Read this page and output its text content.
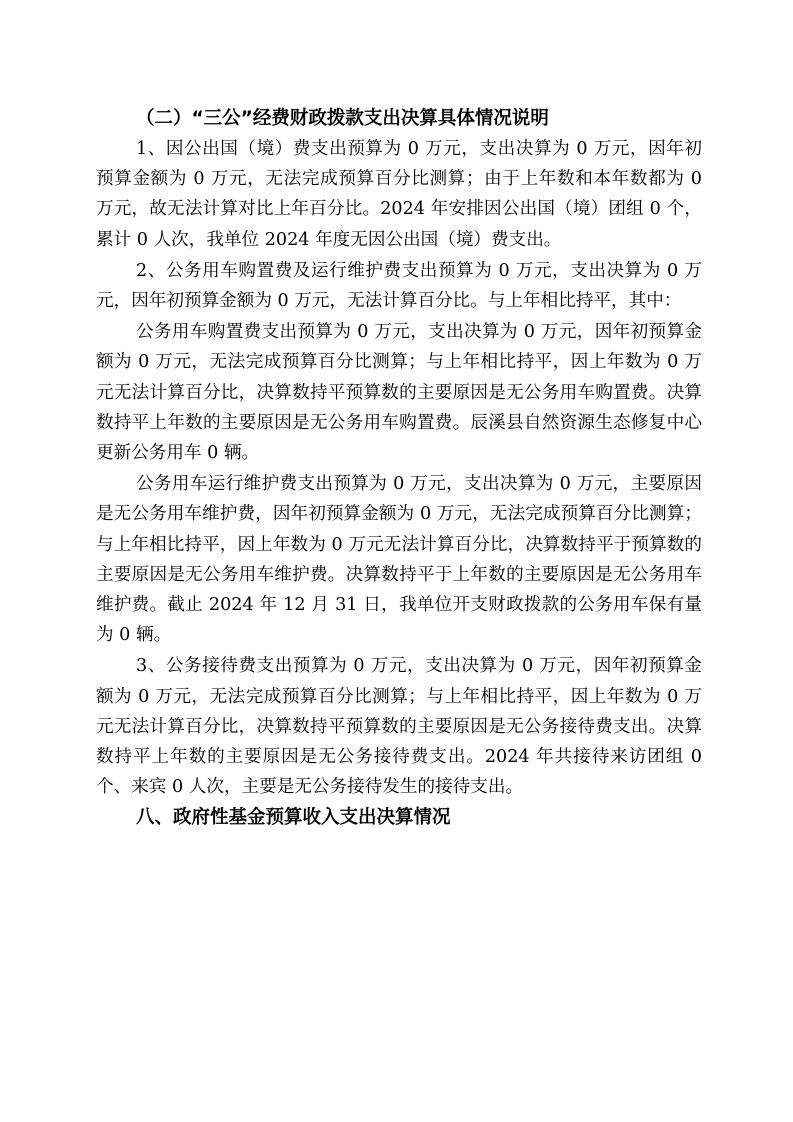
（二）“三公”经费财政拨款支出决算具体情况说明

1、因公出国（境）费支出预算为 0 万元，支出决算为 0 万元，因年初预算金额为 0 万元，无法完成预算百分比测算；由于上年数和本年数都为 0 万元，故无法计算对比上年百分比。2024 年安排因公出国（境）团组 0 个，累计 0 人次，我单位 2024 年度无因公出国（境）费支出。

2、公务用车购置费及运行维护费支出预算为 0 万元，支出决算为 0 万元，因年初预算金额为 0 万元，无法计算百分比。与上年相比持平，其中：

公务用车购置费支出预算为 0 万元，支出决算为 0 万元，因年初预算金额为 0 万元，无法完成预算百分比测算；与上年相比持平，因上年数为 0 万元无法计算百分比，决算数持平预算数的主要原因是无公务用车购置费。决算数持平上年数的主要原因是无公务用车购置费。辰溪县自然资源生态修复中心更新公务用车 0 辆。

公务用车运行维护费支出预算为 0 万元，支出决算为 0 万元，主要原因是无公务用车维护费，因年初预算金额为 0 万元，无法完成预算百分比测算；与上年相比持平，因上年数为 0 万元无法计算百分比，决算数持平于预算数的主要原因是无公务用车维护费。决算数持平于上年数的主要原因是无公务用车维护费。截止 2024 年 12 月 31 日，我单位开支财政拨款的公务用车保有量为 0 辆。

3、公务接待费支出预算为 0 万元，支出决算为 0 万元，因年初预算金额为 0 万元，无法完成预算百分比测算；与上年相比持平，因上年数为 0 万元无法计算百分比，决算数持平预算数的主要原因是无公务接待费支出。决算数持平上年数的主要原因是无公务接待费支出。2024 年共接待来访团组 0 个、来宾 0 人次，主要是无公务接待发生的接待支出。

八、政府性基金预算收入支出决算情况
